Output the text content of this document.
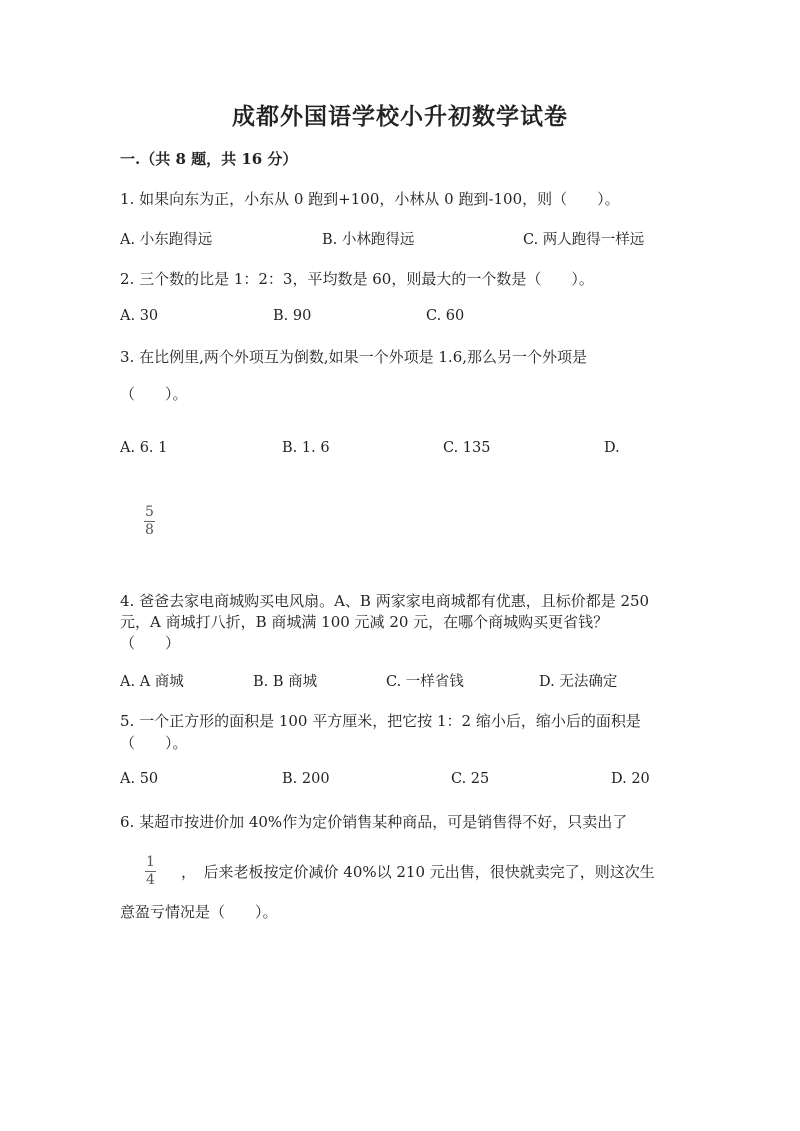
成都外国语学校小升初数学试卷
一.（共 8 题，共 16 分）
1. 如果向东为正，小东从 0 跑到+100，小林从 0 跑到-100，则（　　）。
A. 小东跑得远	B. 小林跑得远	C. 两人跑得一样远
2. 三个数的比是 1：2：3，平均数是 60，则最大的一个数是（　　）。
A. 30	B. 90	C. 60
3. 在比例里,两个外项互为倒数,如果一个外项是 1.6,那么另一个外项是
（　　）。
A. 6. 1	B. 1. 6	C. 135	D.
5
8
4. 爸爸去家电商城购买电风扇。A、B 两家家电商城都有优惠，且标价都是 250
元，A 商城打八折，B 商城满 100 元减 20 元，在哪个商城购买更省钱？
（　　）
A. A 商城	B. B 商城	C. 一样省钱	D. 无法确定
5. 一个正方形的面积是 100 平方厘米，把它按 1：2 缩小后，缩小后的面积是
（　　）。
A. 50	B. 200	C. 25	D. 20
6. 某超市按进价加 40%作为定价销售某种商品，可是销售得不好，只卖出了
1
4 ，　后来老板按定价减价 40%以 210 元出售，很快就卖完了，则这次生
意盈亏情况是（　　）。
